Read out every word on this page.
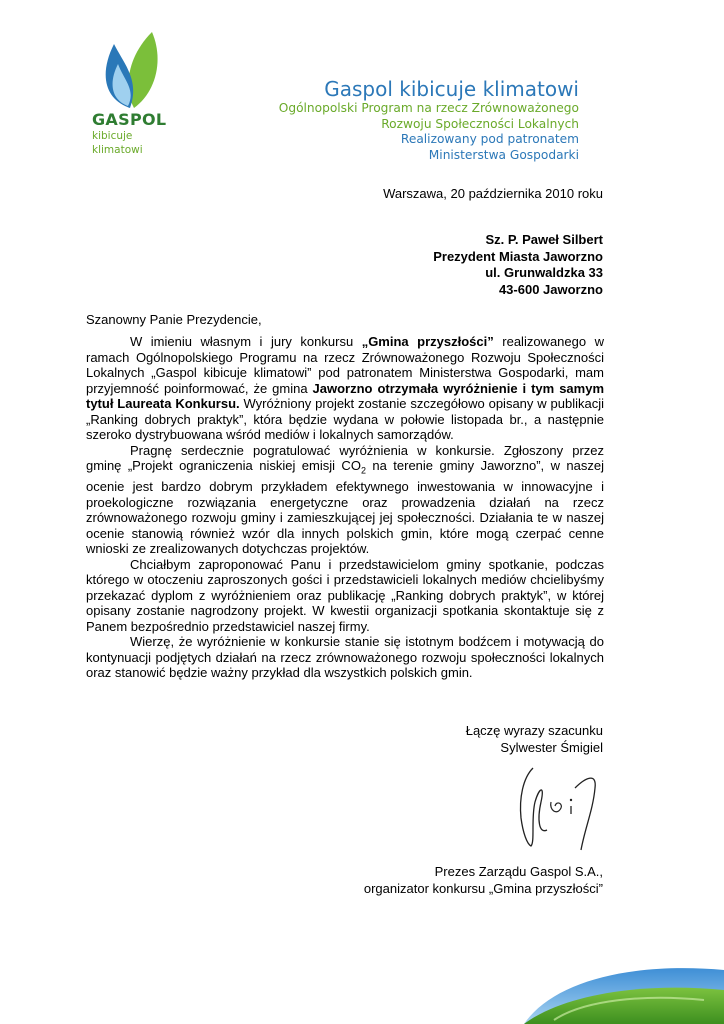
GASPOL
kibicuje
klimatowi
Gaspol kibicuje klimatowi
Ogólnopolski Program na rzecz Zrównoważonego
Rozwoju Społeczności Lokalnych
Realizowany pod patronatem
Ministerstwa Gospodarki
Warszawa, 20 października 2010 roku
Sz. P. Paweł Silbert
Prezydent Miasta Jaworzno
ul. Grunwaldzka 33
43-600 Jaworzno
Szanowny Panie Prezydencie,

W imieniu własnym i jury konkursu „Gmina przyszłości” realizowanego w ramach Ogólnopolskiego Programu na rzecz Zrównoważonego Rozwoju Społeczności Lokalnych „Gaspol kibicuje klimatowi” pod patronatem Ministerstwa Gospodarki, mam przyjemność poinformować, że gmina Jaworzno otrzymała wyróżnienie i tym samym tytuł Laureata Konkursu. Wyróżniony projekt zostanie szczegółowo opisany w publikacji „Ranking dobrych praktyk”, która będzie wydana w połowie listopada br., a następnie szeroko dystrybuowana wśród mediów i lokalnych samorządów.

Pragnę serdecznie pogratulować wyróżnienia w konkursie. Zgłoszony przez gminę „Projekt ograniczenia niskiej emisji $CO_2$ na terenie gminy Jaworzno”, w naszej ocenie jest bardzo dobrym przykładem efektywnego inwestowania w innowacyjne i proekologiczne rozwiązania energetyczne oraz prowadzenia działań na rzecz zrównoważonego rozwoju gminy i zamieszkującej jej społeczności. Działania te w naszej ocenie stanowią również wzór dla innych polskich gmin, które mogą czerpać cenne wnioski ze zrealizowanych dotychczas projektów.

Chciałbym zaproponować Panu i przedstawicielom gminy spotkanie, podczas którego w otoczeniu zaproszonych gości i przedstawicieli lokalnych mediów chcielibyśmy przekazać dyplom z wyróżnieniem oraz publikację „Ranking dobrych praktyk”, w której opisany zostanie nagrodzony projekt. W kwestii organizacji spotkania skontaktuje się z Panem bezpośrednio przedstawiciel naszej firmy.

Wierzę, że wyróżnienie w konkursie stanie się istotnym bodźcem i motywacją do kontynuacji podjętych działań na rzecz zrównoważonego rozwoju społeczności lokalnych oraz stanowić będzie ważny przykład dla wszystkich polskich gmin.

Łączę wyrazy szacunku
Sylwester Śmigiel
Prezes Zarządu Gaspol S.A.,
organizator konkursu „Gmina przyszłości”
